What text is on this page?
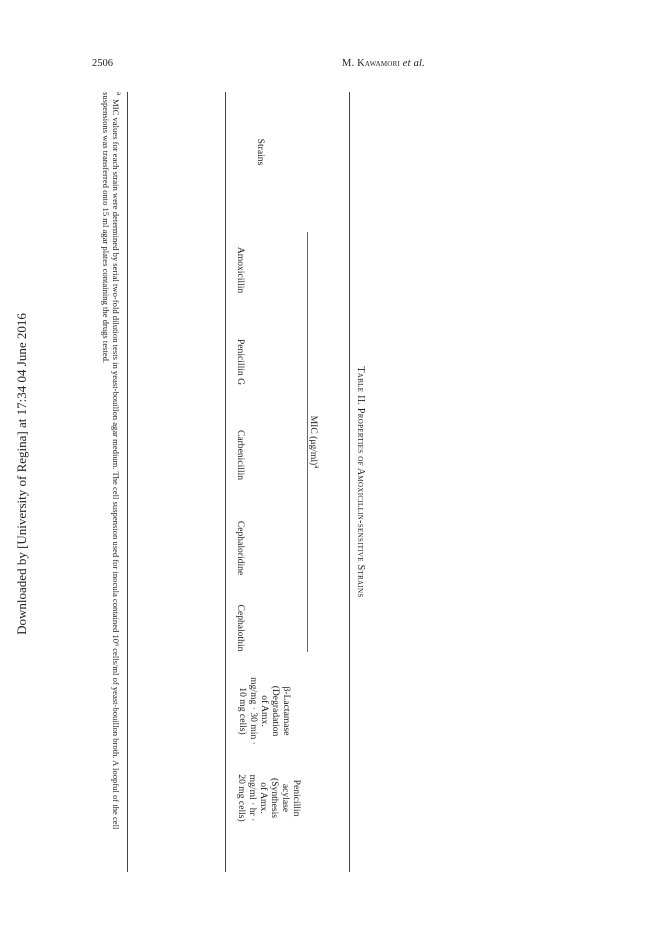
2506	M. Kawamori et al.
Downloaded by [University of Regina] at 17:34 04 June 2016	Table II. Properties of Amoxicillin-sensitive Strains
Strains
MIC $(\mu g/ml)^a$
Amoxicillin
Penicillin G
Carbenicillin
Cephaloridine
Cephalothin
β-Lactamase
(Degradation
of Amx.
mg/mg · 30 min ·
10 mg cells)
Penicillin
acylase
(Synthesis
of Amx.
mg/ml · hr ·
20 mg cells)
$^a$MIC values for each strain were determined by serial two-fold dilution tests in yeast-bouillon agar medium. The cell suspension used for inocula contained 10⁶ cells/ml of yeast-bouillon broth. A loopful of the cell suspensions was transferred onto 15 ml agar plates containing the drugs tested.
